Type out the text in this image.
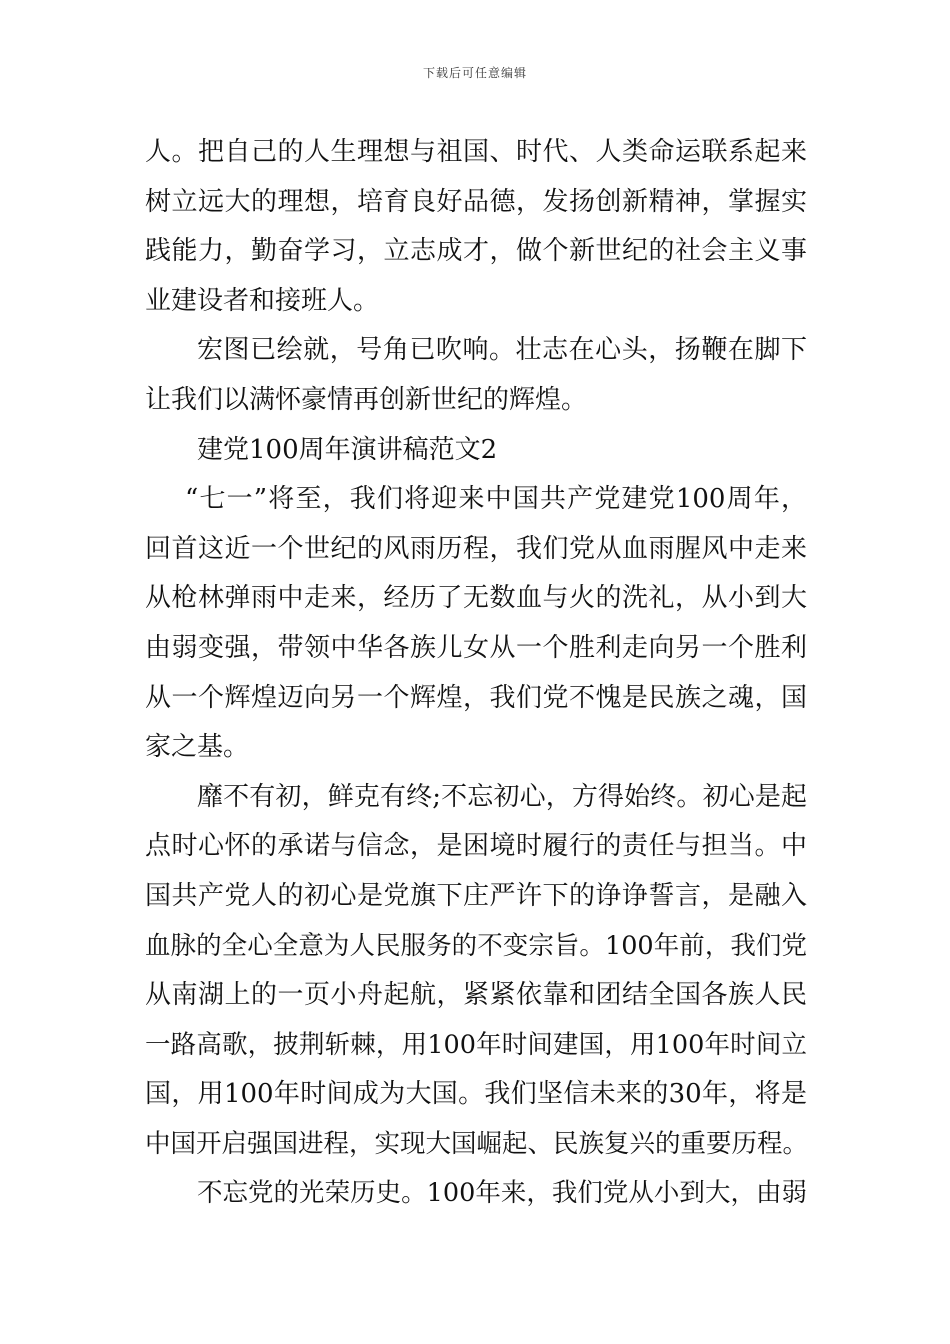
下载后可任意编辑
人。把自己的人生理想与祖国、时代、人类命运联系起来
树立远大的理想，培育良好品德，发扬创新精神，掌握实
践能力，勤奋学习，立志成才，做个新世纪的社会主义事
业建设者和接班人。
宏图已绘就，号角已吹响。壮志在心头，扬鞭在脚下
让我们以满怀豪情再创新世纪的辉煌。
建党100周年演讲稿范文2
“七一”将至，我们将迎来中国共产党建党100周年，
回首这近一个世纪的风雨历程，我们党从血雨腥风中走来
从枪林弹雨中走来，经历了无数血与火的洗礼，从小到大
由弱变强，带领中华各族儿女从一个胜利走向另一个胜利
从一个辉煌迈向另一个辉煌，我们党不愧是民族之魂，国
家之基。
靡不有初，鲜克有终;不忘初心，方得始终。初心是起
点时心怀的承诺与信念，是困境时履行的责任与担当。中
国共产党人的初心是党旗下庄严许下的诤诤誓言，是融入
血脉的全心全意为人民服务的不变宗旨。100年前，我们党
从南湖上的一页小舟起航，紧紧依靠和团结全国各族人民
一路高歌，披荆斩棘，用100年时间建国，用100年时间立
国，用100年时间成为大国。我们坚信未来的30年，将是
中国开启强国进程，实现大国崛起、民族复兴的重要历程。
不忘党的光荣历史。100年来，我们党从小到大，由弱
